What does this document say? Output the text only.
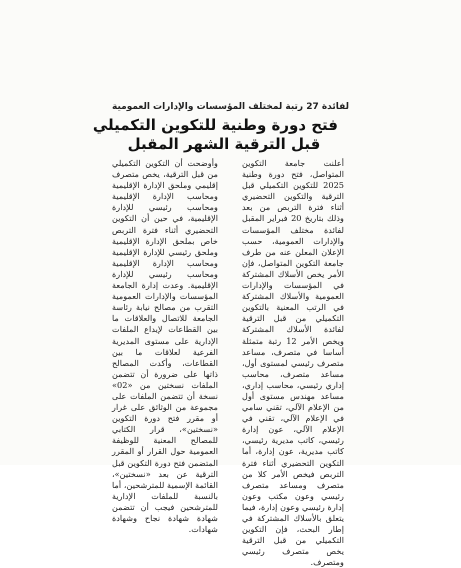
لفائدة 27 رتبة لمختلف المؤسسات والإدارات العمومية
فتح دورة وطنية للتكوين التكميلي
قبل الترقية الشهر المقبل

أعلنت جامعة التكوين المتواصل، فتح دورة وطنية 2025 للتكوين التكميلي قبل الترقية والتكوين التحضيري أثناء فترة التربص من بعد وذلك بتاريخ 20 فبراير المقبل لفائدة مختلف المؤسسات والإدارات العمومية، حسب الإعلان المعلن عنه من طرف جامعة التكوين المتواصل، فإن الأمر يخص الأسلاك المشتركة في المؤسسات والإدارات العمومية والأسلاك المشتركة في الرتب المعنية بالتكوين التكميلي من قبل الترقية لفائدة الأسلاك المشتركة ويخص الأمر 12 رتبة متمثلة أساسا في متصرف، مساعد متصرف رئيسي لمستوى أول، مساعد متصرف، محاسب إداري رئيسي، محاسب إداري، مساعد مهندس مستوى أول من الإعلام الآلي، تقني سامي في الإعلام الآلي، تقني في الإعلام الآلي، عون إدارة رئيسي، كاتب مديرية رئيسي، كاتب مديرية، عون إدارة، أما التكوين التحضيري أثناء فترة التربص فيخص الأمر كلا من متصرف ومساعد متصرف رئيسي وعون مكتب وعون إدارة رئيسي وعون إدارة، فيما يتعلق بالأسلاك المشتركة في إطار البحث، فإن التكوين التكميلي من قبل الترقية يخص متصرف رئيسي ومتصرف.

وأوضحت أن التكوين التكميلي من قبل الترقية، يخص متصرف إقليمي وملحق الإدارة الإقليمية ومحاسب الإدارة الإقليمية ومحاسب رئيسي للإدارة الإقليمية، في حين أن التكوين التحضيري أثناء فترة التربص خاص بملحق الإدارة الإقليمية وملحق رئيسي للإدارة الإقليمية ومحاسب الإدارة الإقليمية ومحاسب رئيسي للإدارة الإقليمية. وعدت إدارة الجامعة المؤسسات والإدارات العمومية التقرب من مصالح نيابة رئاسة الجامعة للاتصال والعلاقات ما بين القطاعات لإيداع الملفات الإدارية على مستوى المديرية الفرعية لعلاقات ما بين القطاعات، وأكدت المصالح ذاتها على ضرورة أن تتضمن الملفات نسختين من «02» نسخة أن تتضمن الملفات على مجموعة من الوثائق على غرار أو مقرر فتح دورة التكوين «نسختين»، قرار الكتابي للمصالح المعنية للوظيفة العمومية حول القرار أو المقرر المتضمن فتح دورة التكوين قبل الترقية عن بعد «نسختين»، القائمة الإسمية للمترشحين، أما بالنسبة للملفات الإدارية للمترشحين فيجب أن تتضمن شهادة شهادة نجاح وشهادة شهادات.
